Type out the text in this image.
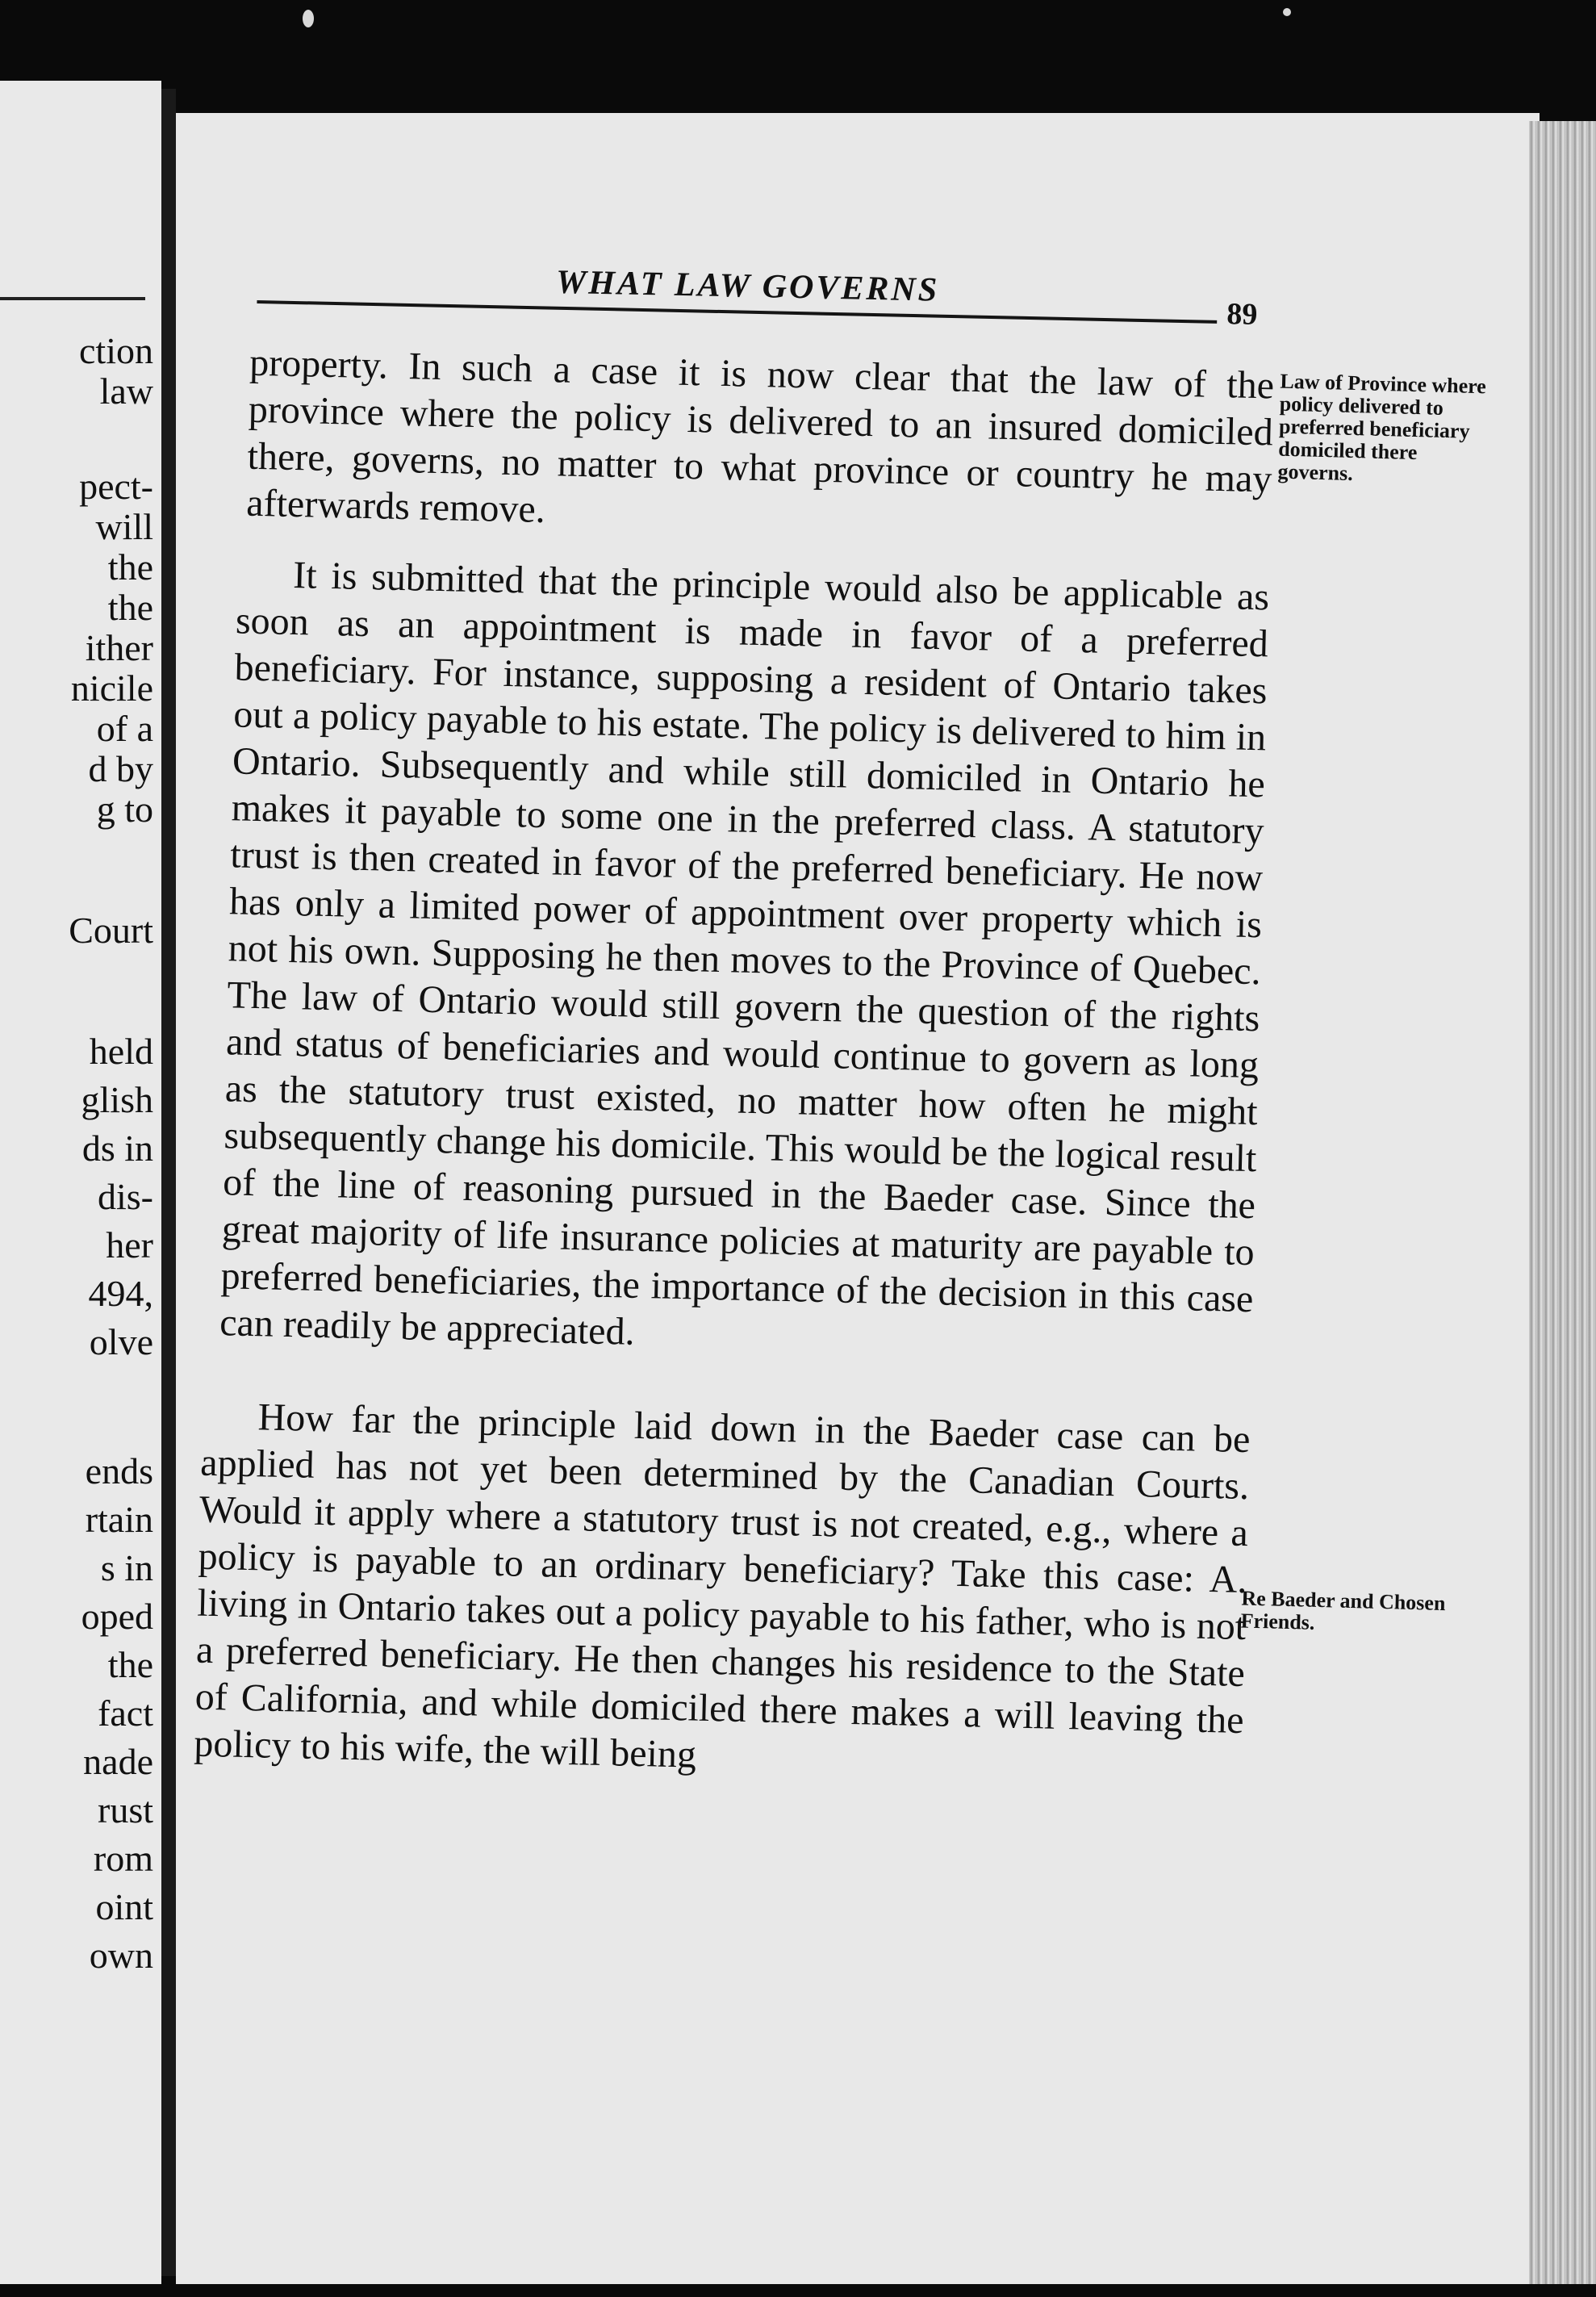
ction

law

pect-

will

the

the

ither

nicile

of a

d by

g to

Court

held

glish

ds in

dis-

her

494,

olve

ends

rtain

s in

oped

the

fact

nade

rust

rom

oint

own

WHAT LAW GOVERNS

89

property. In such a case it is now clear that the law of the province where the policy is delivered to an insured domiciled there, governs, no matter to what province or country he may afterwards remove.

It is submitted that the principle would also be applicable as soon as an appointment is made in favor of a preferred beneficiary. For instance, supposing a resident of Ontario takes out a policy payable to his estate. The policy is delivered to him in Ontario. Subsequently and while still domiciled in Ontario he makes it payable to some one in the preferred class. A statutory trust is then created in favor of the preferred beneficiary. He now has only a limited power of appointment over property which is not his own. Supposing he then moves to the Province of Quebec. The law of Ontario would still govern the question of the rights and status of beneficiaries and would continue to govern as long as the statutory trust existed, no matter how often he might subsequently change his domicile. This would be the logical result of the line of reasoning pursued in the Baeder case. Since the great majority of life insurance policies at maturity are payable to preferred beneficiaries, the importance of the decision in this case can readily be appreciated.

How far the principle laid down in the Baeder case can be applied has not yet been determined by the Canadian Courts. Would it apply where a statutory trust is not created, e.g., where a policy is payable to an ordinary beneficiary? Take this case: A. living in Ontario takes out a policy payable to his father, who is not a preferred beneficiary. He then changes his residence to the State of California, and while domiciled there makes a will leaving the policy to his wife, the will being

Law of Province where policy delivered to preferred beneficiary domiciled there governs.

Re Baeder and Chosen Friends.
